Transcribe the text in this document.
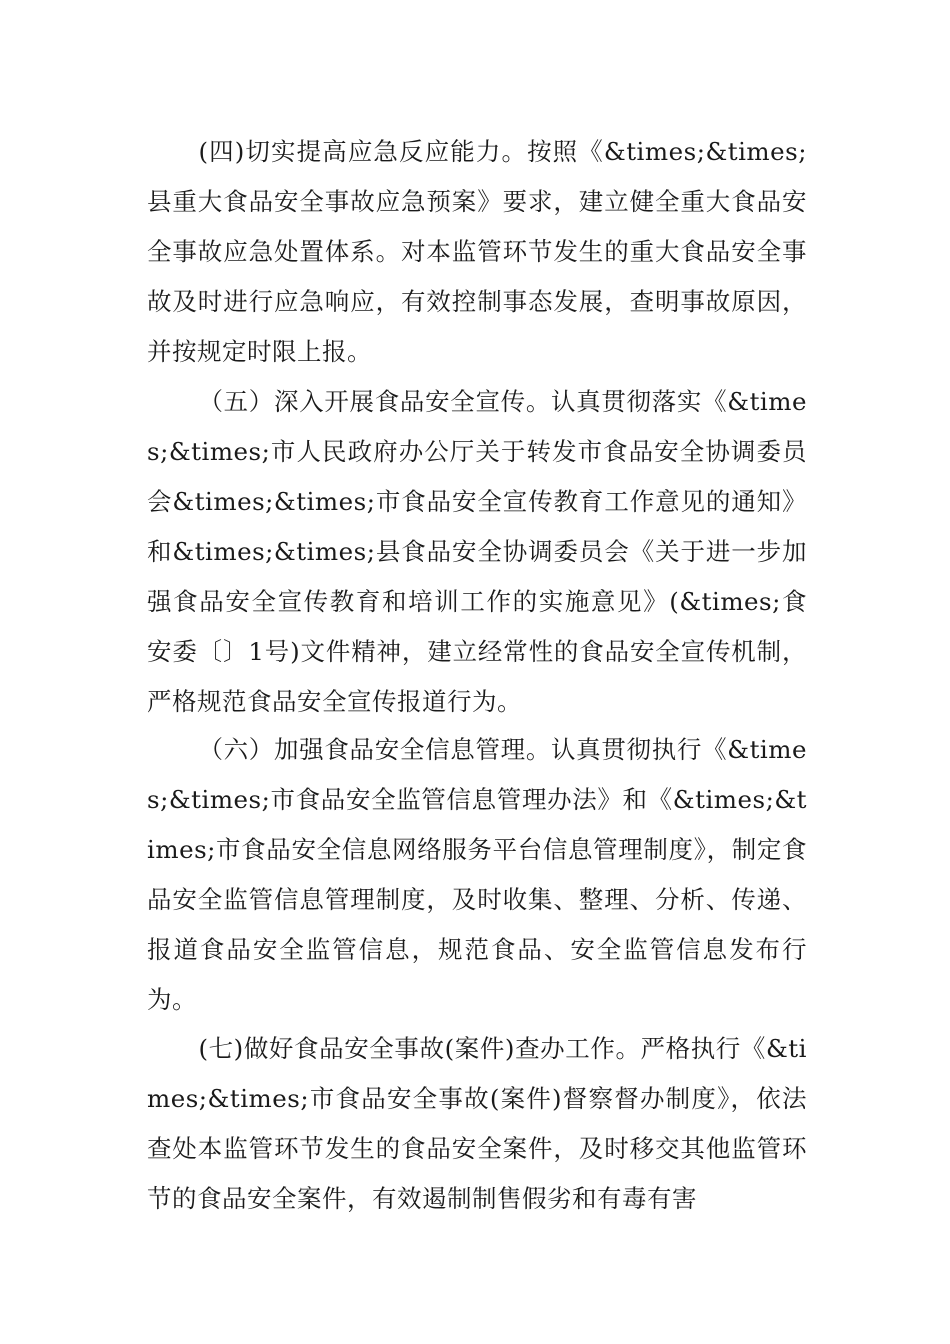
(四)切实提高应急反应能力。按照《&times;&times;县重大食品安全事故应急预案》要求，建立健全重大食品安全事故应急处置体系。对本监管环节发生的重大食品安全事故及时进行应急响应，有效控制事态发展，查明事故原因，并按规定时限上报。

（五）深入开展食品安全宣传。认真贯彻落实《&times;&times;市人民政府办公厅关于转发市食品安全协调委员会&times;&times;市食品安全宣传教育工作意见的通知》和&times;&times;县食品安全协调委员会《关于进一步加强食品安全宣传教育和培训工作的实施意见》(&times;食安委〔〕1号)文件精神，建立经常性的食品安全宣传机制，严格规范食品安全宣传报道行为。

（六）加强食品安全信息管理。认真贯彻执行《&times;&times;市食品安全监管信息管理办法》和《&times;&times;市食品安全信息网络服务平台信息管理制度》，制定食品安全监管信息管理制度，及时收集、整理、分析、传递、报道食品安全监管信息，规范食品、安全监管信息发布行为。

(七)做好食品安全事故(案件)查办工作。严格执行《&times;&times;市食品安全事故(案件)督察督办制度》，依法查处本监管环节发生的食品安全案件，及时移交其他监管环节的食品安全案件，有效遏制制售假劣和有毒有害
